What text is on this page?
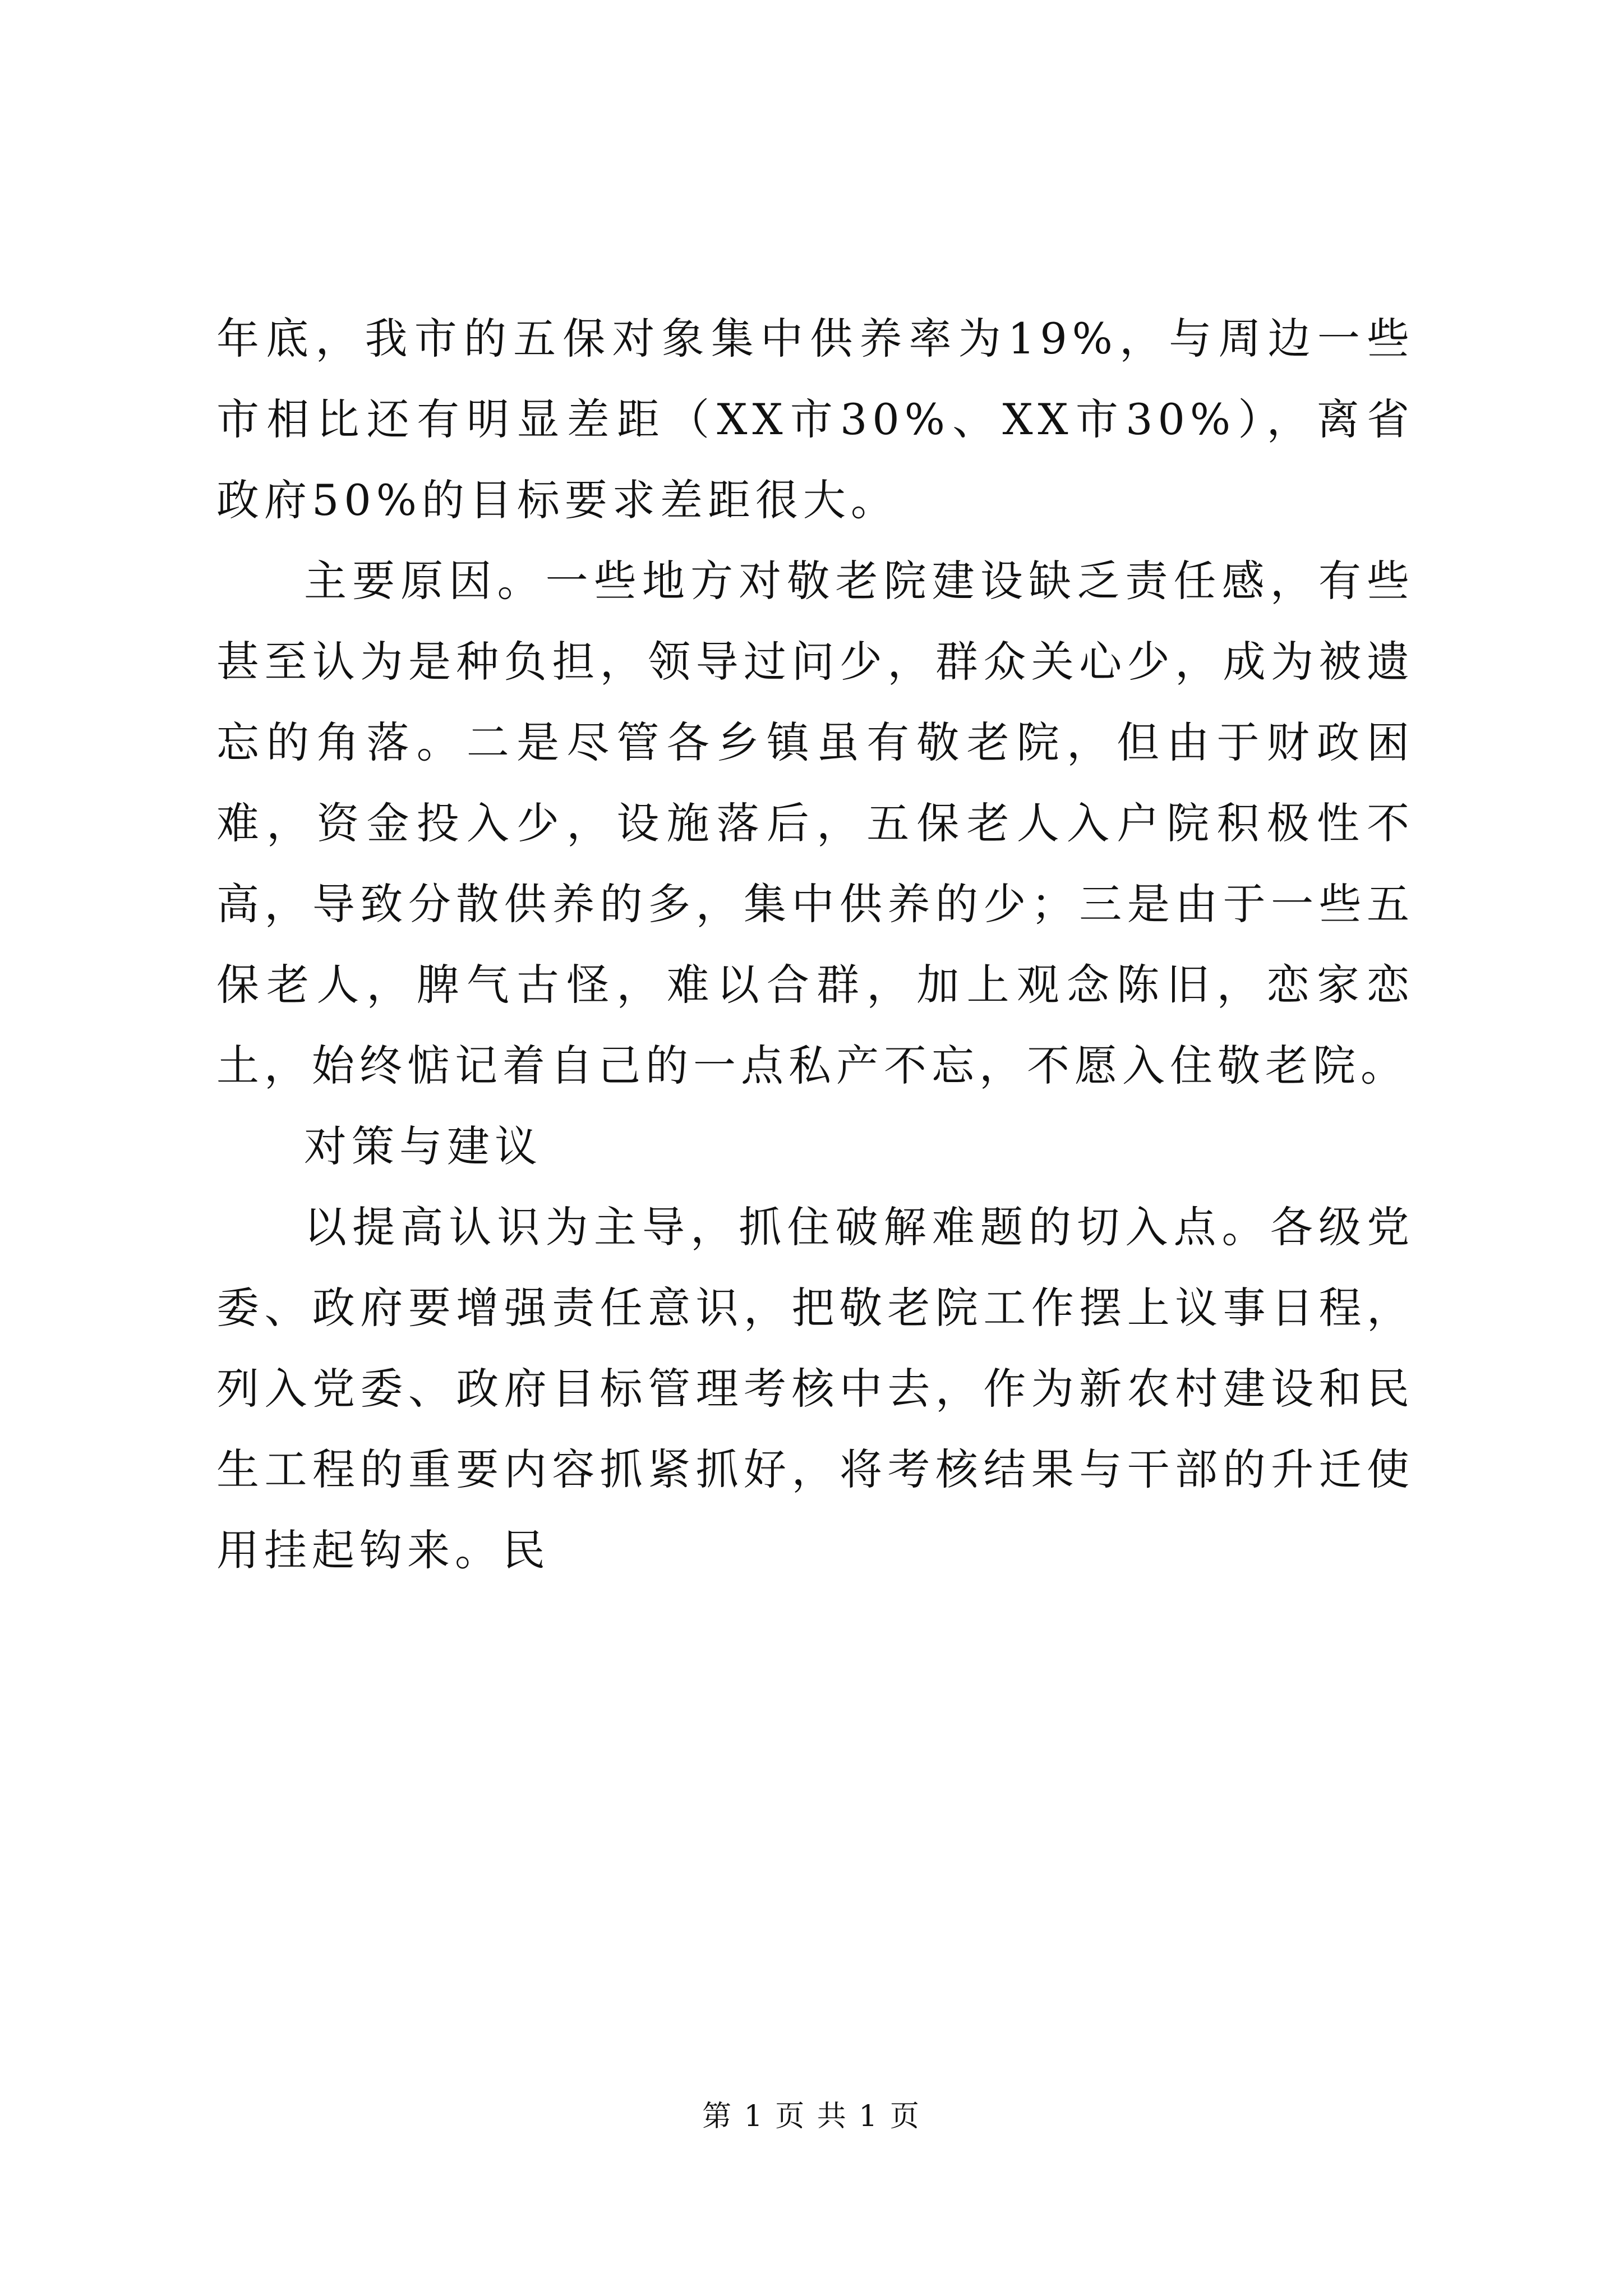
年底，我市的五保对象集中供养率为19%，与周边一些市相比还有明显差距（XX市30%、XX市30%），离省政府50%的目标要求差距很大。

主要原因。一些地方对敬老院建设缺乏责任感，有些甚至认为是种负担，领导过问少，群众关心少，成为被遗忘的角落。二是尽管各乡镇虽有敬老院，但由于财政困难，资金投入少，设施落后，五保老人入户院积极性不高，导致分散供养的多，集中供养的少；三是由于一些五保老人，脾气古怪，难以合群，加上观念陈旧，恋家恋土，始终惦记着自己的一点私产不忘，不愿入住敬老院。

对策与建议

以提高认识为主导，抓住破解难题的切入点。各级党委、政府要增强责任意识，把敬老院工作摆上议事日程，列入党委、政府目标管理考核中去，作为新农村建设和民生工程的重要内容抓紧抓好，将考核结果与干部的升迁使用挂起钩来。民

第 1 页 共 1 页
